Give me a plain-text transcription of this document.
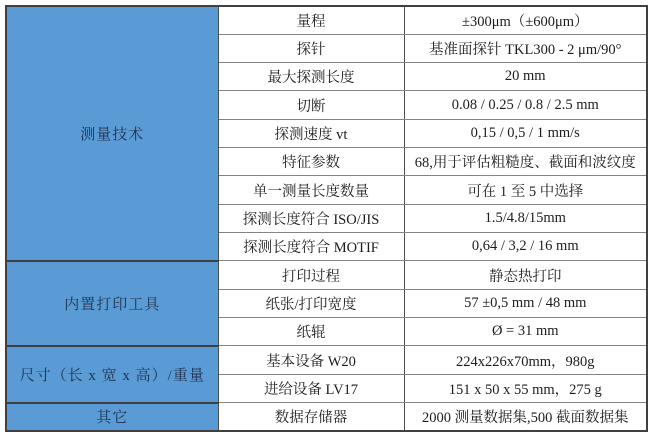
测量技术	量程	±300μm（±600μm）
	探针	基准面探针 TKL300 - 2 μm/90°
	最大探测长度	20 mm
	切断	0.08 / 0.25 / 0.8 / 2.5 mm
	探测速度 vt	0,15 / 0,5 / 1 mm/s
	特征参数	68,用于评估粗糙度、截面和波纹度
	单一测量长度数量	可在 1 至 5 中选择
	探测长度符合 ISO/JIS	1.5/4.8/15mm
	探测长度符合 MOTIF	0,64 / 3,2 / 16 mm
内置打印工具	打印过程	静态热打印
	纸张/打印宽度	57 ±0,5 mm / 48 mm
	纸辊	Ø = 31 mm
尺寸（长 x 宽 x 高）/重量	基本设备 W20	224x226x70mm，980g
	进给设备 LV17	151 x 50 x 55 mm，275 g
其它	数据存储器	2000 测量数据集,500 截面数据集
